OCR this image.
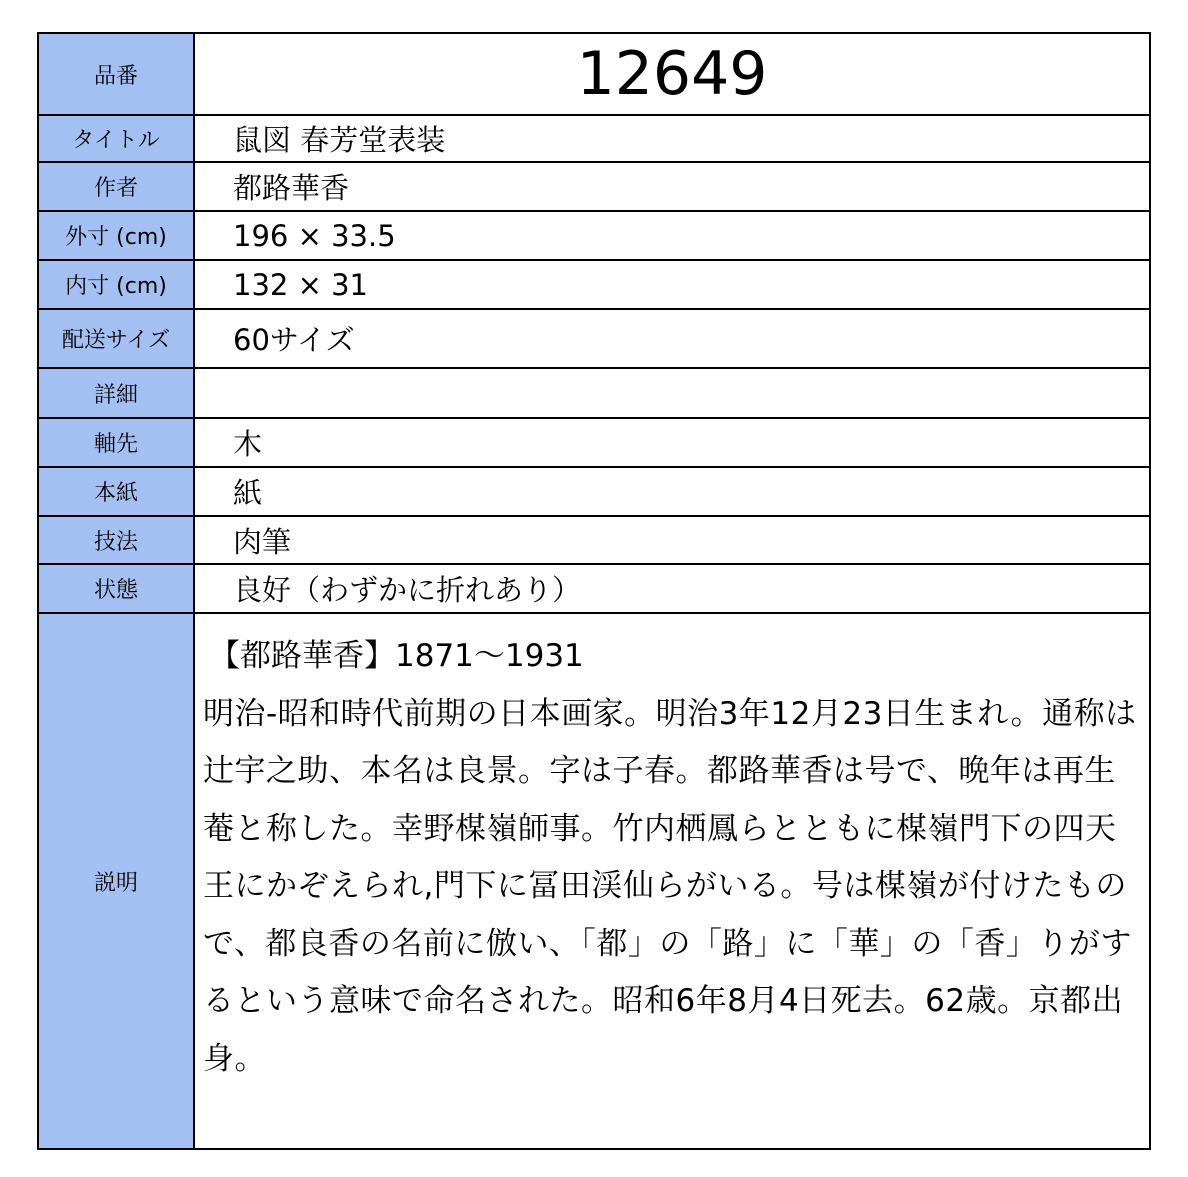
品番	12649
タイトル	鼠図 春芳堂表装
作者	都路華香
外寸 (cm)	196 × 33.5
内寸 (cm)	132 × 31
配送サイズ	60サイズ
詳細
軸先	木
本紙	紙
技法	肉筆
状態	良好（わずかに折れあり）
説明
【都路華香】1871〜1931
明治-昭和時代前期の日本画家。明治3年12月23日生まれ。通称は辻宇之助、本名は良景。字は子春。都路華香は号で、晩年は再生菴と称した。幸野楳嶺師事。竹内栖鳳らとともに楳嶺門下の四天王にかぞえられ,門下に冨田渓仙らがいる。号は楳嶺が付けたもので、都良香の名前に倣い、「都」の「路」に「華」の「香」りがするという意味で命名された。昭和6年8月4日死去。62歳。京都出身。
